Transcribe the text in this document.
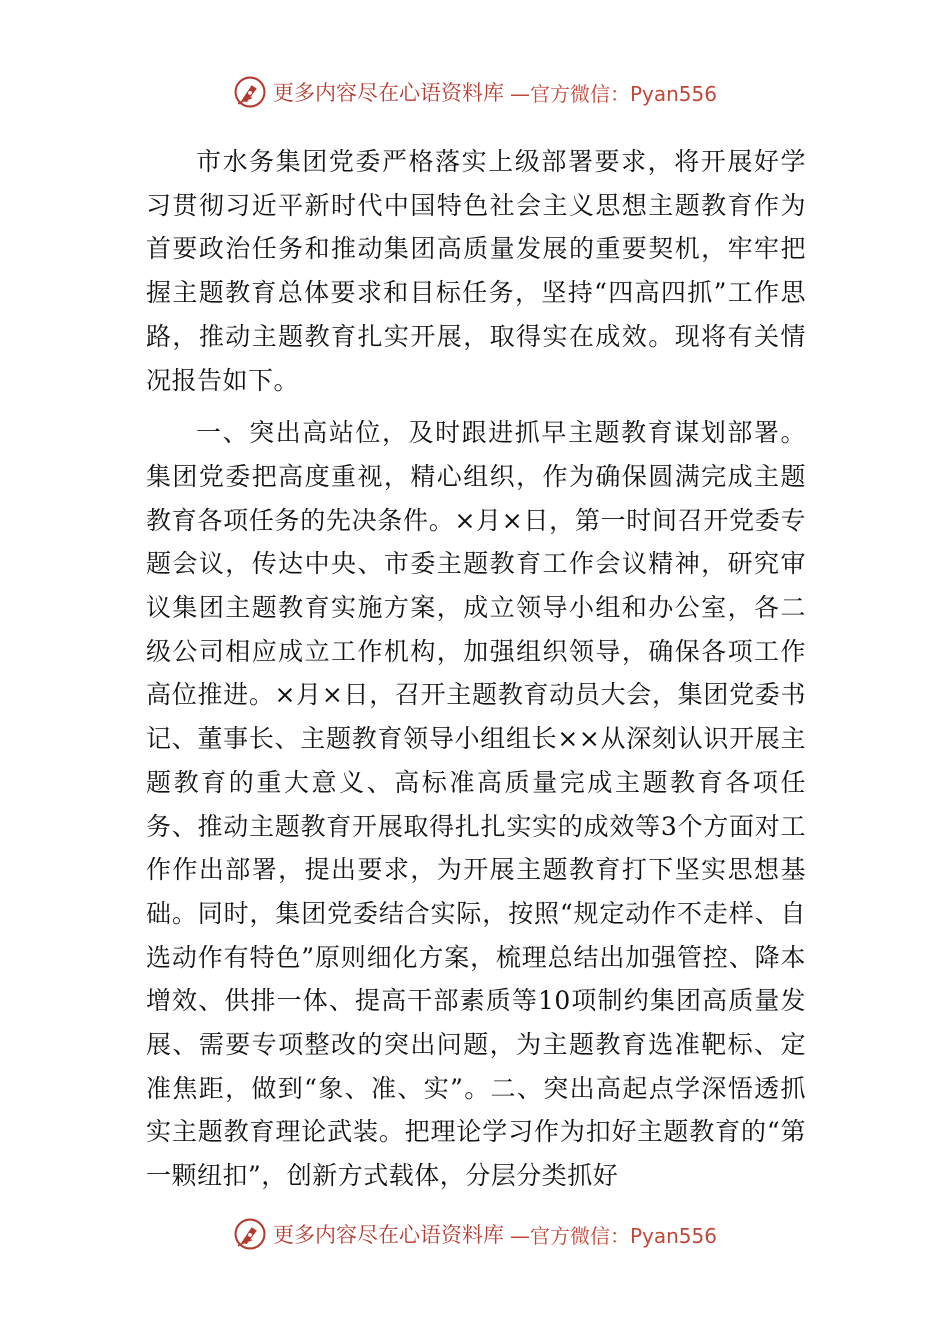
更多内容尽在心语资料库 —官方微信：Pyan556

市水务集团党委严格落实上级部署要求，将开展好学习贯彻习近平新时代中国特色社会主义思想主题教育作为首要政治任务和推动集团高质量发展的重要契机，牢牢把握主题教育总体要求和目标任务，坚持“四高四抓”工作思路，推动主题教育扎实开展，取得实在成效。现将有关情况报告如下。

一、突出高站位，及时跟进抓早主题教育谋划部署。集团党委把高度重视，精心组织，作为确保圆满完成主题教育各项任务的先决条件。×月×日，第一时间召开党委专题会议，传达中央、市委主题教育工作会议精神，研究审议集团主题教育实施方案，成立领导小组和办公室，各二级公司相应成立工作机构，加强组织领导，确保各项工作高位推进。×月×日，召开主题教育动员大会，集团党委书记、董事长、主题教育领导小组组长××从深刻认识开展主题教育的重大意义、高标准高质量完成主题教育各项任务、推动主题教育开展取得扎扎实实的成效等3个方面对工作作出部署，提出要求，为开展主题教育打下坚实思想基础。同时，集团党委结合实际，按照“规定动作不走样、自选动作有特色”原则细化方案，梳理总结出加强管控、降本增效、供排一体、提高干部素质等10项制约集团高质量发展、需要专项整改的突出问题，为主题教育选准靶标、定准焦距，做到“象、准、实”。二、突出高起点学深悟透抓实主题教育理论武装。把理论学习作为扣好主题教育的“第一颗纽扣”，创新方式载体，分层分类抓好

更多内容尽在心语资料库 —官方微信：Pyan556
